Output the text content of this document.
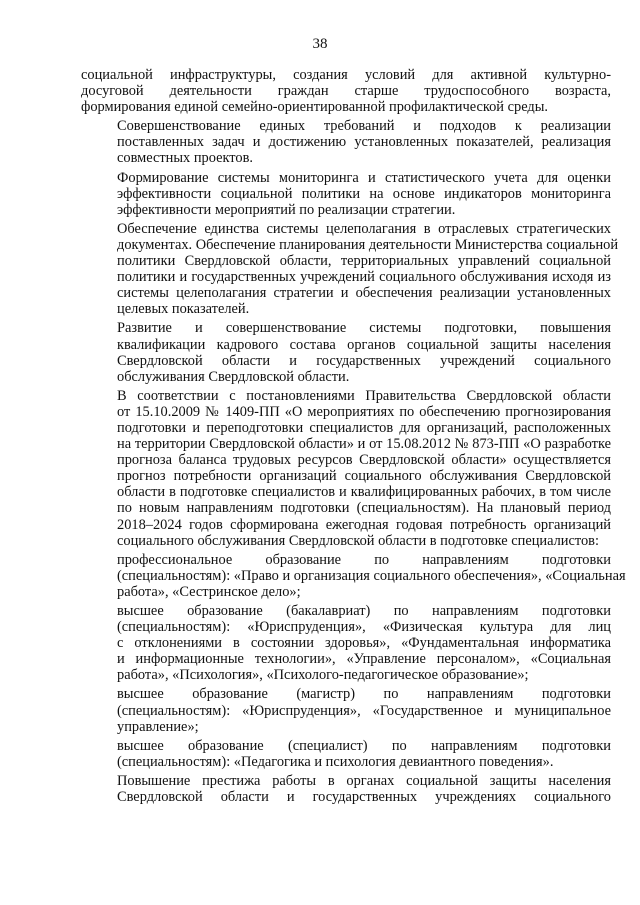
38
социальной инфраструктуры, создания условий для активной культурно-
досуговой деятельности граждан старше трудоспособного возраста,
формирования единой семейно-ориентированной профилактической среды.
Совершенствование единых требований и подходов к реализации
поставленных задач и достижению установленных показателей, реализация
совместных проектов.
Формирование системы мониторинга и статистического учета для оценки
эффективности социальной политики на основе индикаторов мониторинга
эффективности мероприятий по реализации стратегии.
Обеспечение единства системы целеполагания в отраслевых стратегических
документах. Обеспечение планирования деятельности Министерства социальной
политики Свердловской области, территориальных управлений социальной
политики и государственных учреждений социального обслуживания исходя из
системы целеполагания стратегии и обеспечения реализации установленных
целевых показателей.
Развитие и совершенствование системы подготовки, повышения
квалификации кадрового состава органов социальной защиты населения
Свердловской области и государственных учреждений социального
обслуживания Свердловской области.
В соответствии с постановлениями Правительства Свердловской области
от 15.10.2009 № 1409-ПП «О мероприятиях по обеспечению прогнозирования
подготовки и переподготовки специалистов для организаций, расположенных
на территории Свердловской области» и от 15.08.2012 № 873-ПП «О разработке
прогноза баланса трудовых ресурсов Свердловской области» осуществляется
прогноз потребности организаций социального обслуживания Свердловской
области в подготовке специалистов и квалифицированных рабочих, в том числе
по новым направлениям подготовки (специальностям). На плановый период
2018–2024 годов сформирована ежегодная годовая потребность организаций
социального обслуживания Свердловской области в подготовке специалистов:
профессиональное образование по направлениям подготовки
(специальностям): «Право и организация социального обеспечения», «Социальная
работа», «Сестринское дело»;
высшее образование (бакалавриат) по направлениям подготовки
(специальностям): «Юриспруденция», «Физическая культура для лиц
с отклонениями в состоянии здоровья», «Фундаментальная информатика
и информационные технологии», «Управление персоналом», «Социальная
работа», «Психология», «Психолого-педагогическое образование»;
высшее образование (магистр) по направлениям подготовки
(специальностям): «Юриспруденция», «Государственное и муниципальное
управление»;
высшее образование (специалист) по направлениям подготовки
(специальностям): «Педагогика и психология девиантного поведения».
Повышение престижа работы в органах социальной защиты населения
Свердловской области и государственных учреждениях социального
